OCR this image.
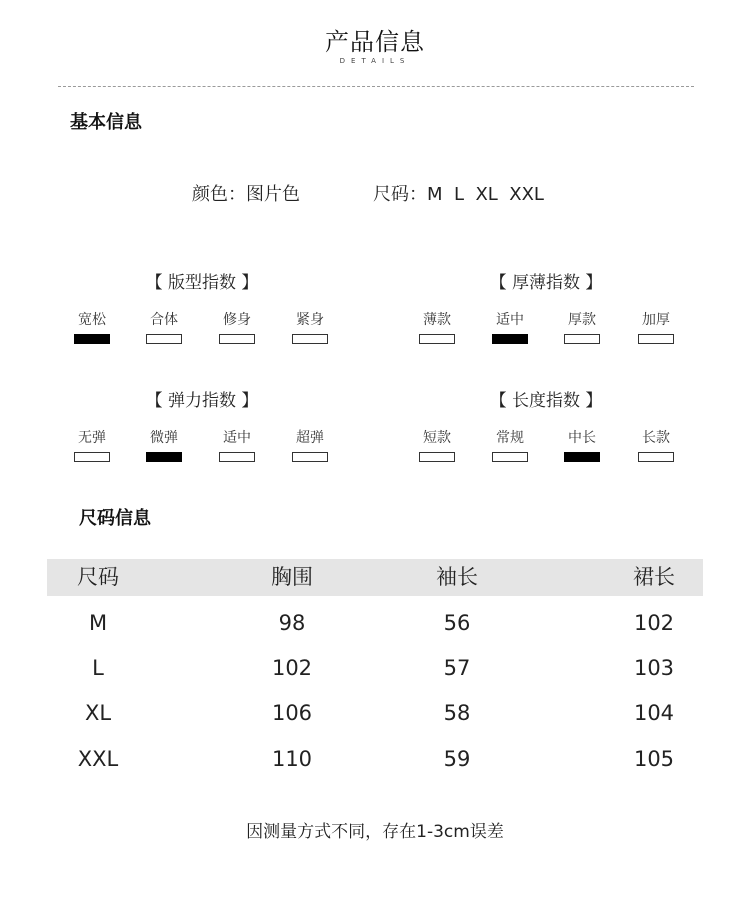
产品信息
DETAILS
基本信息
颜色：图片色	尺码：M  L  XL  XXL
【 版型指数 】
宽松	合体	修身	紧身
【 厚薄指数 】
薄款	适中	厚款	加厚
【 弹力指数 】
无弹	微弹	适中	超弹
【 长度指数 】
短款	常规	中长	长款
尺码信息
尺码	胸围	袖长	裙长
M	98	56	102
L	102	57	103
XL	106	58	104
XXL	110	59	105
因测量方式不同，存在1-3cm误差
